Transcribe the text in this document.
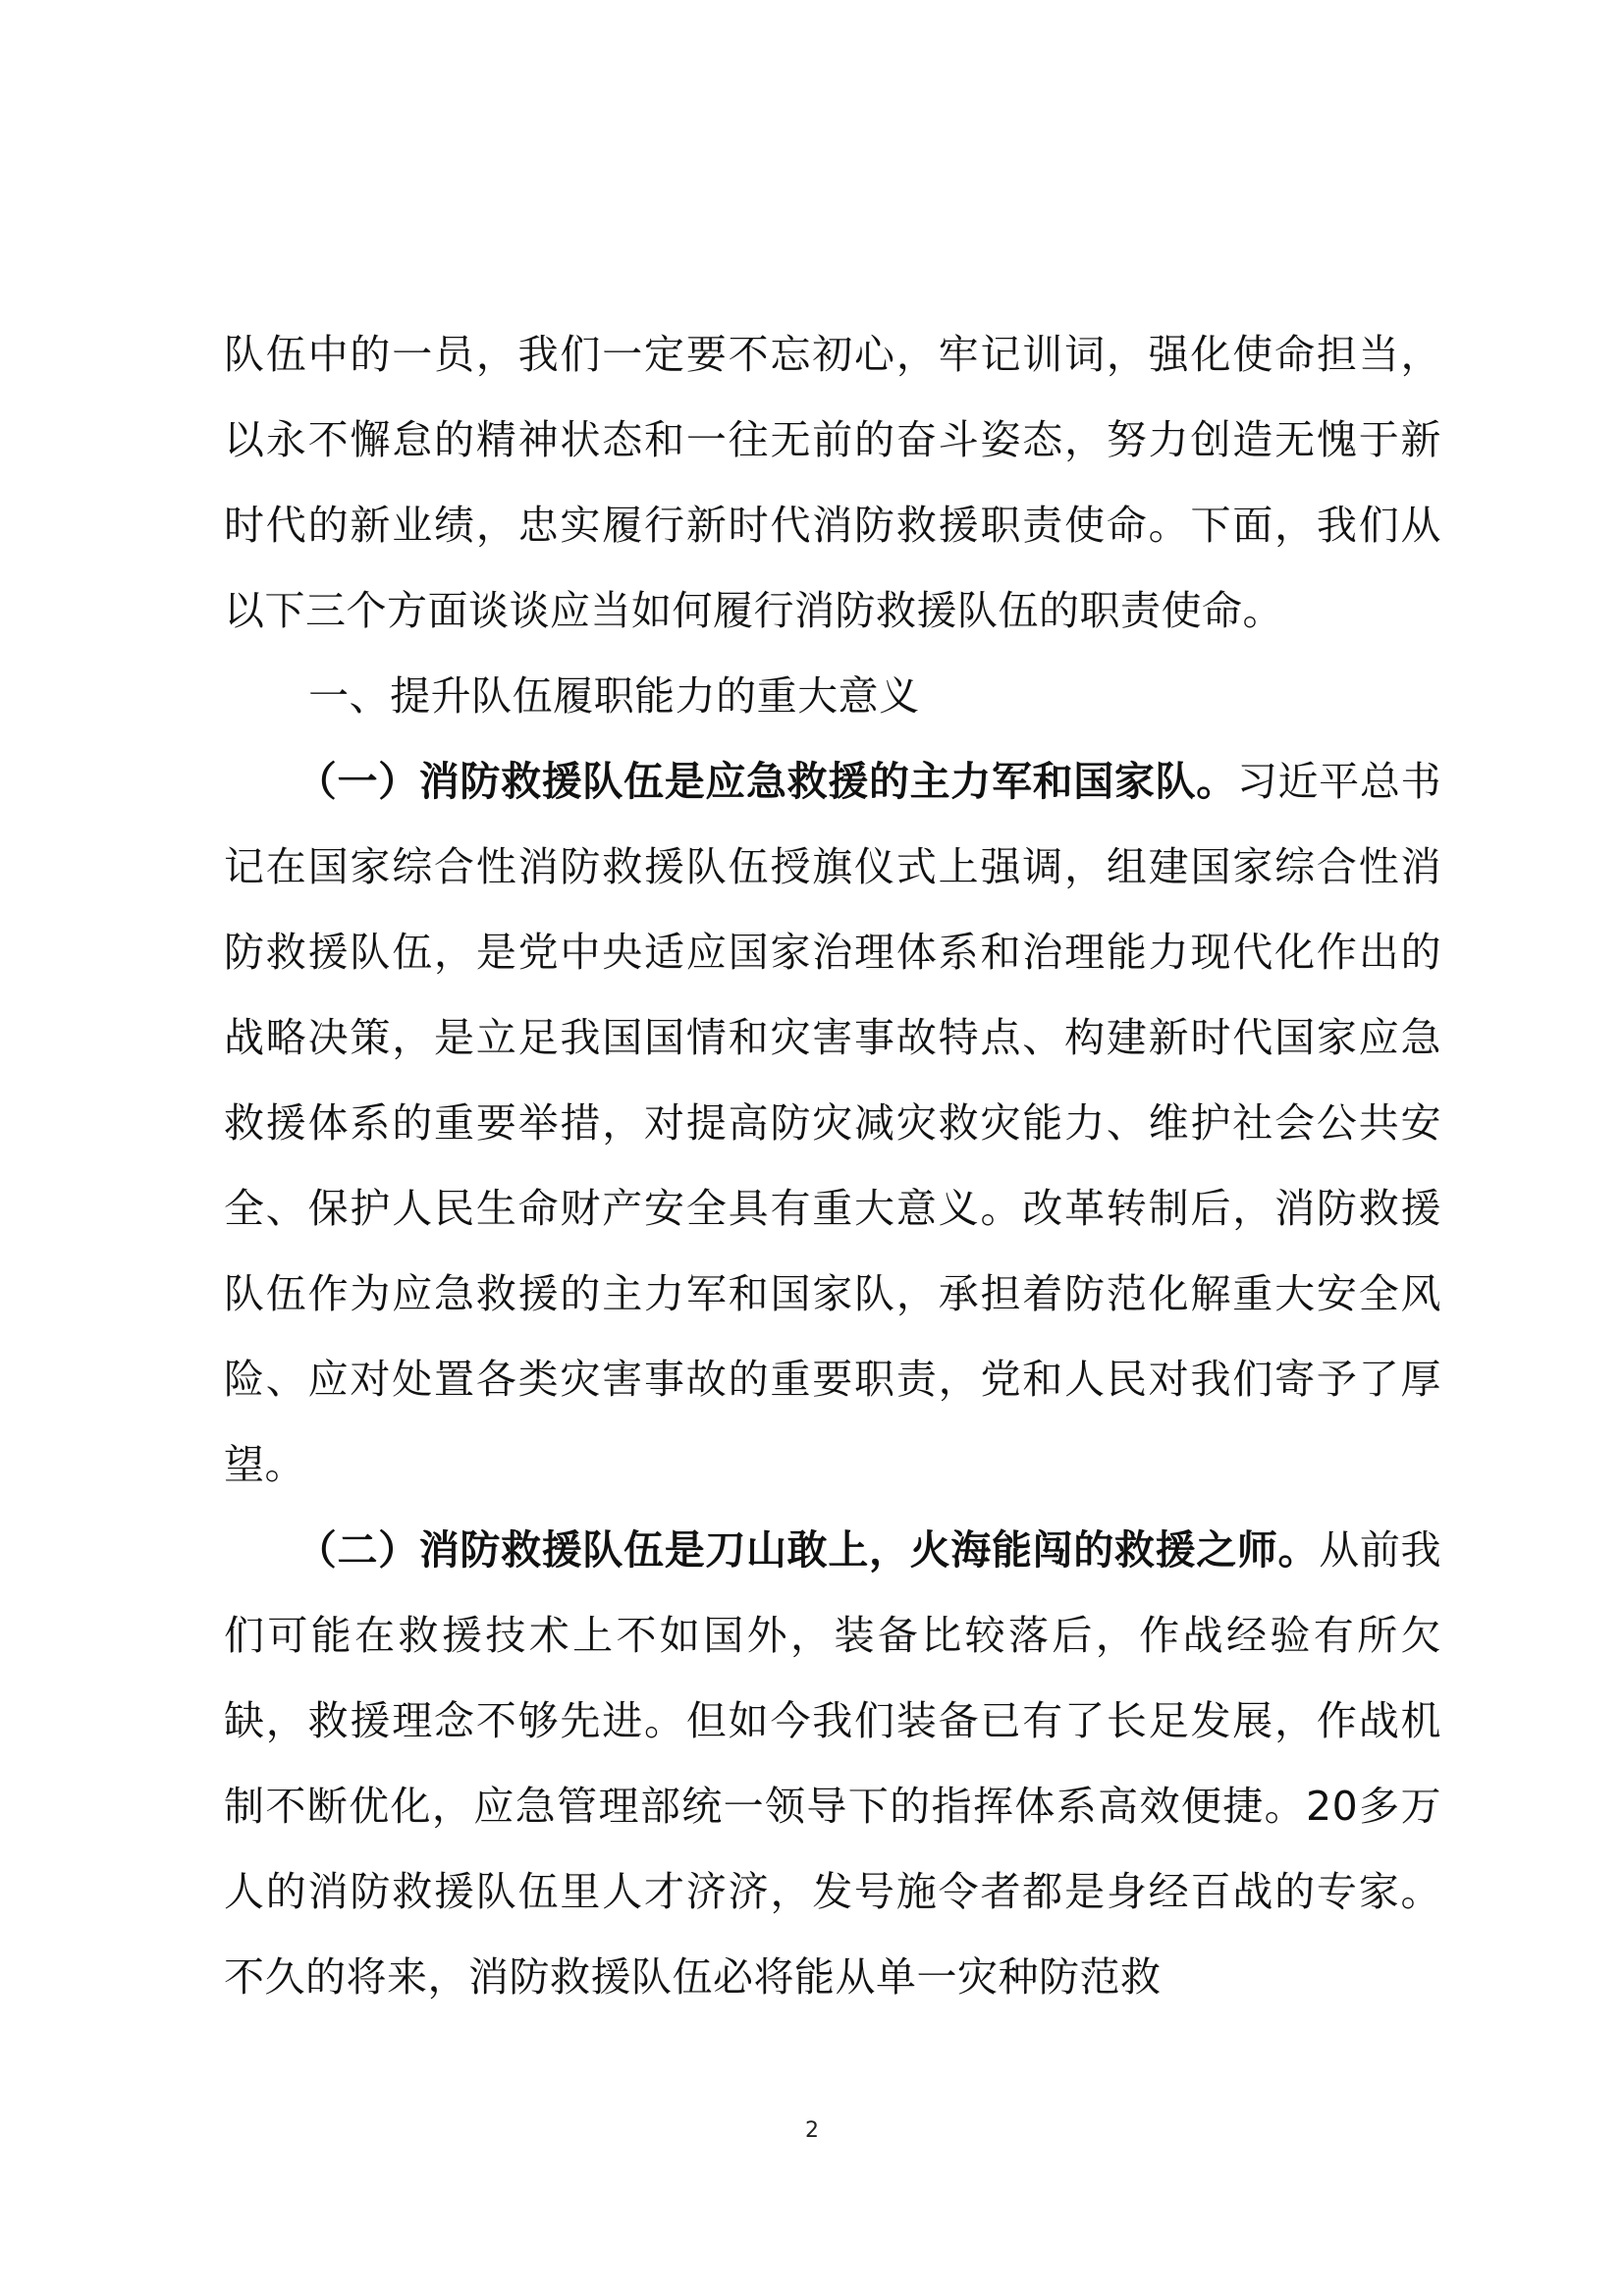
队伍中的一员，我们一定要不忘初心，牢记训词，强化使命担当，以永不懈怠的精神状态和一往无前的奋斗姿态，努力创造无愧于新时代的新业绩，忠实履行新时代消防救援职责使命。下面，我们从以下三个方面谈谈应当如何履行消防救援队伍的职责使命。

一、提升队伍履职能力的重大意义

（一）消防救援队伍是应急救援的主力军和国家队。习近平总书记在国家综合性消防救援队伍授旗仪式上强调，组建国家综合性消防救援队伍，是党中央适应国家治理体系和治理能力现代化作出的战略决策，是立足我国国情和灾害事故特点、构建新时代国家应急救援体系的重要举措，对提高防灾减灾救灾能力、维护社会公共安全、保护人民生命财产安全具有重大意义。改革转制后，消防救援队伍作为应急救援的主力军和国家队，承担着防范化解重大安全风险、应对处置各类灾害事故的重要职责，党和人民对我们寄予了厚望。

（二）消防救援队伍是刀山敢上，火海能闯的救援之师。从前我们可能在救援技术上不如国外，装备比较落后，作战经验有所欠缺，救援理念不够先进。但如今我们装备已有了长足发展，作战机制不断优化，应急管理部统一领导下的指挥体系高效便捷。20多万人的消防救援队伍里人才济济，发号施令者都是身经百战的专家。不久的将来，消防救援队伍必将能从单一灾种防范救

2
